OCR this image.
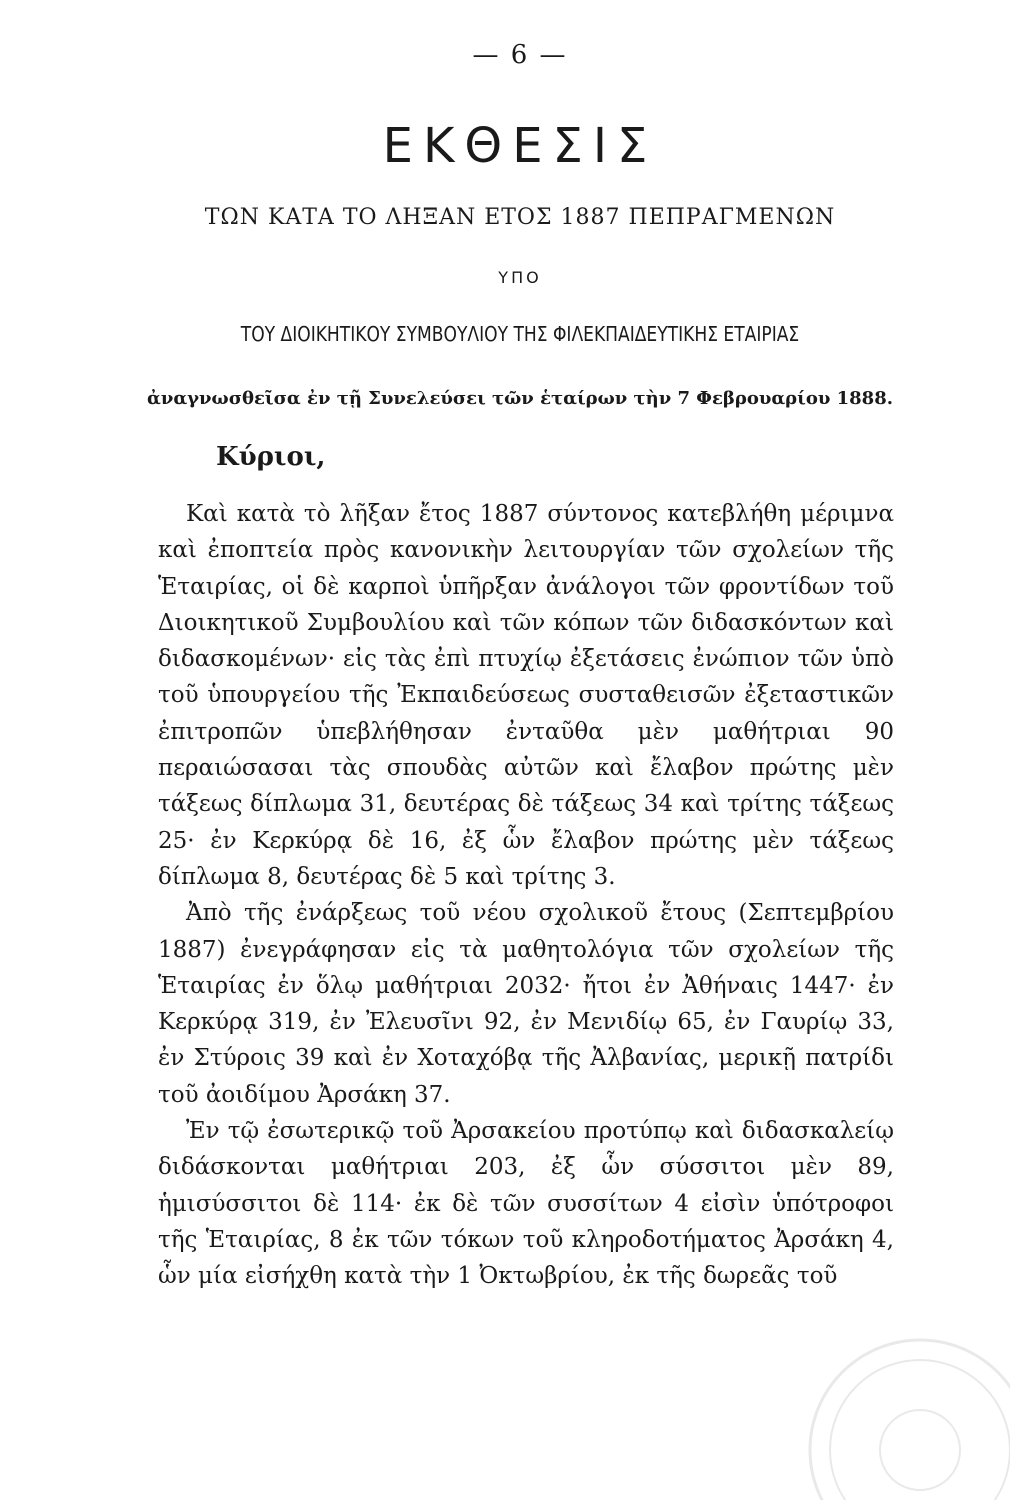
— 6 —
ΕΚΘΕΣΙΣ
ΤΩΝ ΚΑΤΑ ΤΟ ΛΗΞΑΝ ΕΤΟΣ 1887 ΠΕΠΡΑΓΜΕΝΩΝ
ΥΠΟ
ΤΟΥ ΔΙΟΙΚΗΤΙΚΟΥ ΣΥΜΒΟΥΛΙΟΥ ΤΗΣ ΦΙΛΕΚΠΑΙΔΕΥΤΙΚΗΣ ΕΤΑΙΡΙΑΣ
ἀναγνωσθεῖσα ἐν τῇ Συνελεύσει τῶν ἑταίρων τὴν 7 Φεβρουαρίου 1888.
Κύριοι,

Καὶ κατὰ τὸ λῆξαν ἔτος 1887 σύντονος κατεβλήθη μέριμνα καὶ ἐποπτεία πρὸς κανονικὴν λειτουργίαν τῶν σχολείων τῆς Ἑταιρίας, οἱ δὲ καρποὶ ὑπῆρξαν ἀνάλογοι τῶν φροντίδων τοῦ Διοικητικοῦ Συμβουλίου καὶ τῶν κόπων τῶν διδασκόντων καὶ διδασκομένων· εἰς τὰς ἐπὶ πτυχίῳ ἐξετάσεις ἐνώπιον τῶν ὑπὸ τοῦ ὑπουργείου τῆς Ἐκπαιδεύσεως συσταθεισῶν ἐξεταστικῶν ἐπιτροπῶν ὑπεβλήθησαν ἐνταῦθα μὲν μαθήτριαι 90 περαιώσασαι τὰς σπουδὰς αὐτῶν καὶ ἔλαβον πρώτης μὲν τάξεως δίπλωμα 31, δευτέρας δὲ τάξεως 34 καὶ τρίτης τάξεως 25· ἐν Κερκύρᾳ δὲ 16, ἐξ ὧν ἔλαβον πρώτης μὲν τάξεως δίπλωμα 8, δευτέρας δὲ 5 καὶ τρίτης 3.

Ἀπὸ τῆς ἐνάρξεως τοῦ νέου σχολικοῦ ἔτους (Σεπτεμβρίου 1887) ἐνεγράφησαν εἰς τὰ μαθητολόγια τῶν σχολείων τῆς Ἑταιρίας ἐν ὅλῳ μαθήτριαι 2032· ἤτοι ἐν Ἀθήναις 1447· ἐν Κερκύρᾳ 319, ἐν Ἐλευσῖνι 92, ἐν Μενιδίῳ 65, ἐν Γαυρίῳ 33, ἐν Στύροις 39 καὶ ἐν Χοταχόβᾳ τῆς Ἀλβανίας, μερικῇ πατρίδι τοῦ ἀοιδίμου Ἀρσάκη 37.

Ἐν τῷ ἐσωτερικῷ τοῦ Ἀρσακείου προτύπῳ καὶ διδασκαλείῳ διδάσκονται μαθήτριαι 203, ἐξ ὧν σύσσιτοι μὲν 89, ἡμισύσσιτοι δὲ 114· ἐκ δὲ τῶν συσσίτων 4 εἰσὶν ὑπότροφοι τῆς Ἑταιρίας, 8 ἐκ τῶν τόκων τοῦ κληροδοτήματος Ἀρσάκη 4, ὧν μία εἰσήχθη κατὰ τὴν 1 Ὀκτωβρίου, ἐκ τῆς δωρεᾶς τοῦ
